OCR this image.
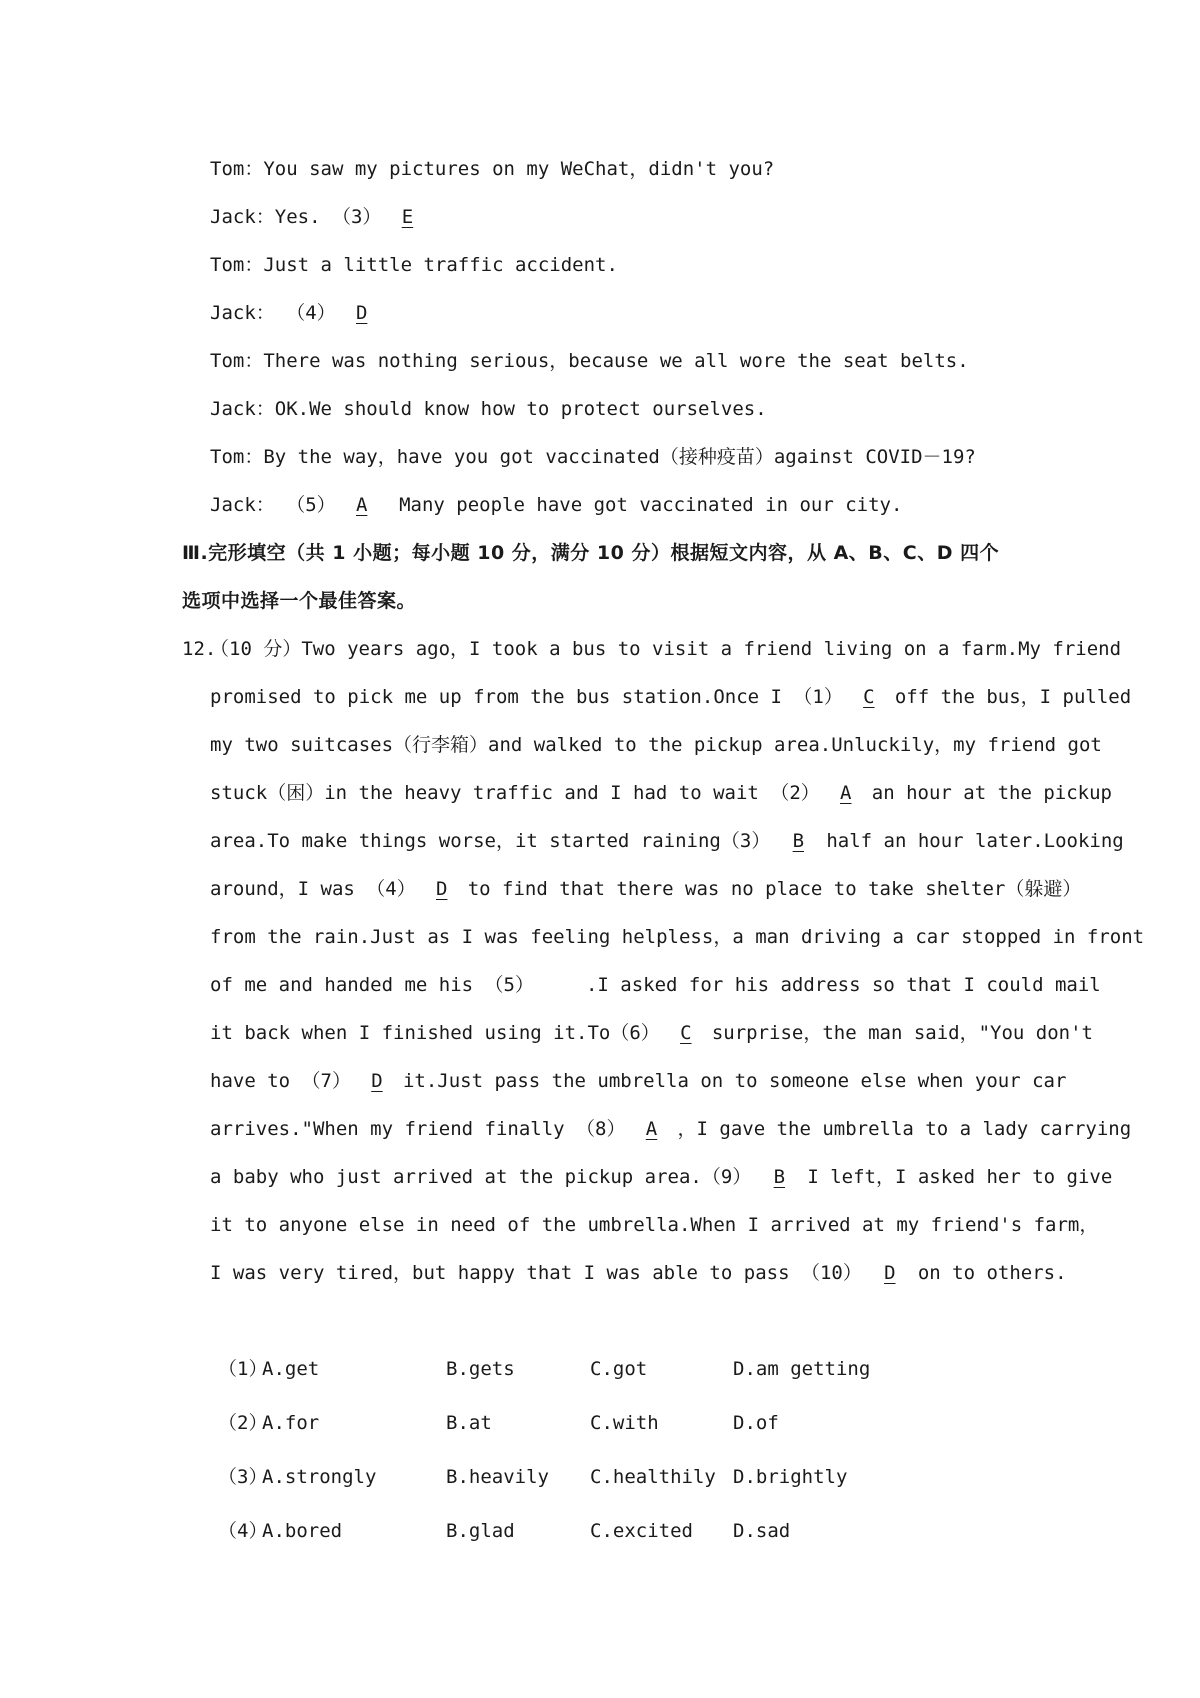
Tom：You saw my pictures on my WeChat，didn't you?
Jack：Yes. （3） E
Tom：Just a little traffic accident.
Jack： （4） D
Tom：There was nothing serious，because we all wore the seat belts.
Jack：OK.We should know how to protect ourselves.
Tom：By the way，have you got vaccinated（接种疫苗）against COVID－19?
Jack： （5） A Many people have got vaccinated in our city.
Ⅲ.完形填空（共 1 小题；每小题 10 分，满分 10 分）根据短文内容，从 A、B、C、D 四个
选项中选择一个最佳答案。
12.
（10 分）Two years ago，I took a bus to visit a friend living on a farm.My friend
promised to pick me up from the bus station.Once I （1） C off the bus，I pulled
my two suitcases（行李箱）and walked to the pickup area.Unluckily，my friend got
stuck（困）in the heavy traffic and I had to wait （2） A an hour at the pickup
area.To make things worse，it started raining（3） B half an hour later.Looking
around，I was （4） D to find that there was no place to take shelter（躲避）
from the rain.Just as I was feeling helpless，a man driving a car stopped in front
of me and handed me his （5）	.I asked for his address so that I could mail
it back when I finished using it.To（6） C surprise，the man said，"You don't
have to （7） D it.Just pass the umbrella on to someone else when your car
arrives."When my friend finally （8） A ，I gave the umbrella to a lady carrying
a baby who just arrived at the pickup area.（9） B I left，I asked her to give
it to anyone else in need of the umbrella.When I arrived at my friend's farm，
I was very tired，but happy that I was able to pass （10） D on to others.
（1）
A.get	B.gets	C.got	D.am getting
（2）
A.for	B.at	C.with	D.of
（3）
A.strongly	B.heavily C.healthily D.brightly
（4）
A.bored	B.glad	C.excited D.sad
